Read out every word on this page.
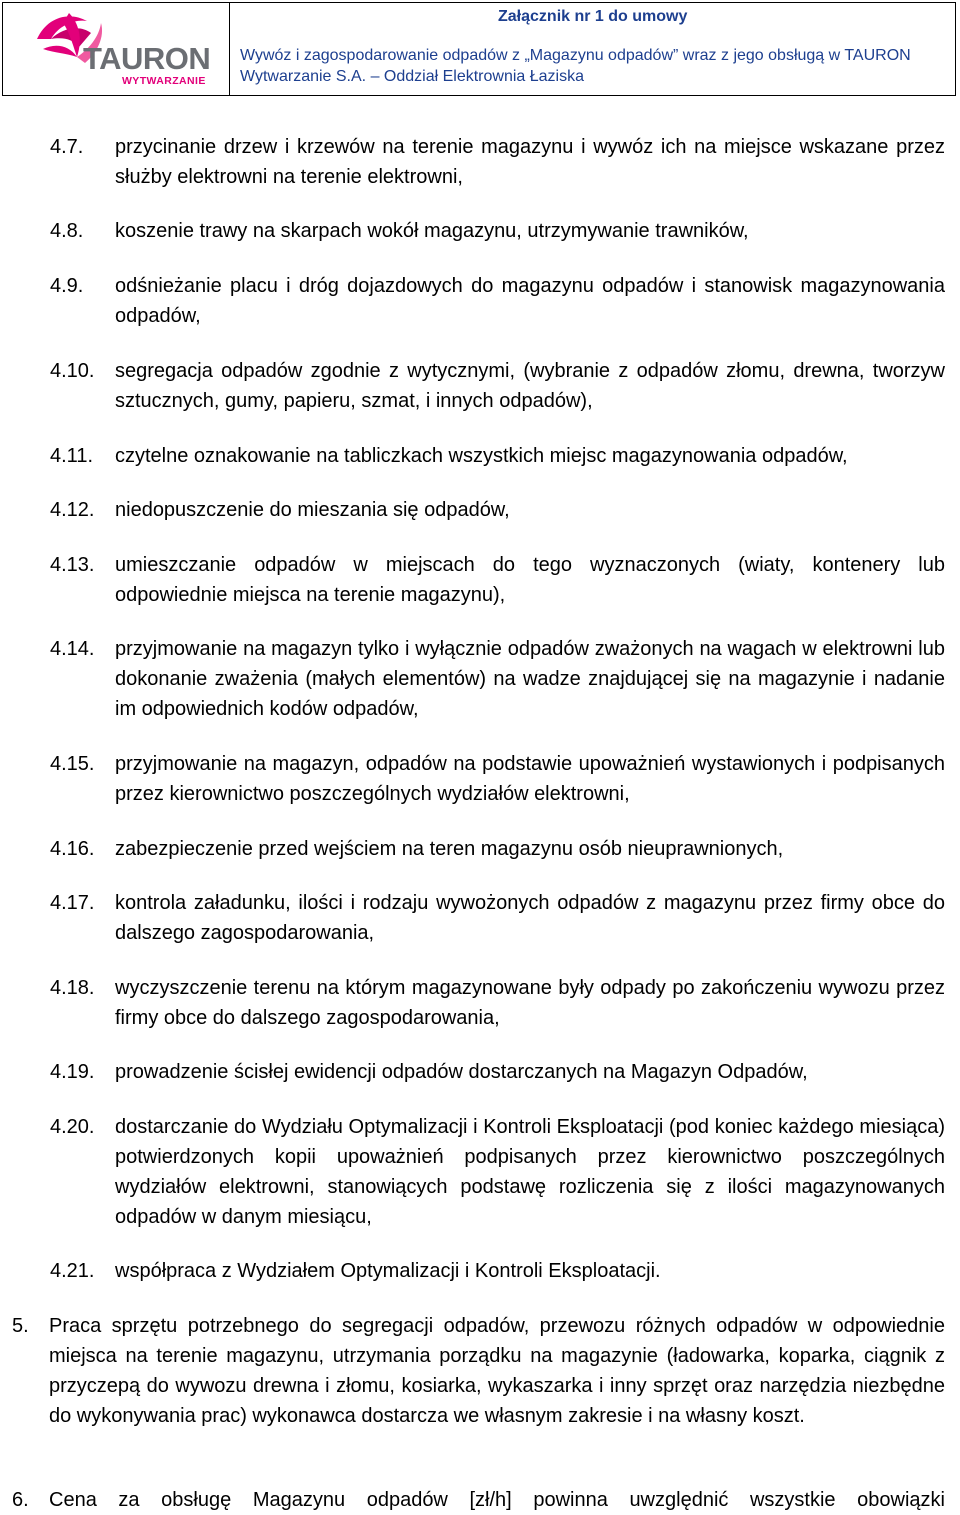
TAURON
WYTWARZANIE
Załącznik nr 1 do umowy
Wywóz i zagospodarowanie odpadów z „Magazynu odpadów” wraz z jego obsługą w TAURON Wytwarzanie S.A. – Oddział Elektrownia Łaziska
4.7. przycinanie drzew i krzewów na terenie magazynu i wywóz ich na miejsce wskazane przez służby elektrowni na terenie elektrowni,
4.8. koszenie trawy na skarpach wokół magazynu, utrzymywanie trawników,
4.9. odśnieżanie placu i dróg dojazdowych do magazynu odpadów i stanowisk magazynowania odpadów,
4.10. segregacja odpadów zgodnie z wytycznymi, (wybranie z odpadów złomu, drewna, tworzyw sztucznych, gumy, papieru, szmat, i innych odpadów),
4.11. czytelne oznakowanie na tabliczkach wszystkich miejsc magazynowania odpadów,
4.12. niedopuszczenie do mieszania się odpadów,
4.13. umieszczanie odpadów w miejscach do tego wyznaczonych (wiaty, kontenery lub odpowiednie miejsca na terenie magazynu),
4.14. przyjmowanie na magazyn tylko i wyłącznie odpadów zważonych na wagach w elektrowni lub dokonanie zważenia (małych elementów) na wadze znajdującej się na magazynie i nadanie im odpowiednich kodów odpadów,
4.15. przyjmowanie na magazyn, odpadów na podstawie upoważnień wystawionych i podpisanych przez kierownictwo poszczególnych wydziałów elektrowni,
4.16. zabezpieczenie przed wejściem na teren magazynu osób nieuprawnionych,
4.17. kontrola załadunku, ilości i rodzaju wywożonych odpadów z magazynu przez firmy obce do dalszego zagospodarowania,
4.18. wyczyszczenie terenu na którym magazynowane były odpady po zakończeniu wywozu przez firmy obce do dalszego zagospodarowania,
4.19. prowadzenie ścisłej ewidencji odpadów dostarczanych na Magazyn Odpadów,
4.20. dostarczanie do Wydziału Optymalizacji i Kontroli Eksploatacji (pod koniec każdego miesiąca) potwierdzonych kopii upoważnień podpisanych przez kierownictwo poszczególnych wydziałów elektrowni, stanowiących podstawę rozliczenia się z ilości magazynowanych odpadów w danym miesiącu,
4.21. współpraca z Wydziałem Optymalizacji i Kontroli Eksploatacji.
5. Praca sprzętu potrzebnego do segregacji odpadów, przewozu różnych odpadów w odpowiednie miejsca na terenie magazynu, utrzymania porządku na magazynie (ładowarka, koparka, ciągnik z przyczepą do wywozu drewna i złomu, kosiarka, wykaszarka i inny sprzęt oraz narzędzia niezbędne do wykonywania prac) wykonawca dostarcza we własnym zakresie i na własny koszt.
6. Cena za obsługę Magazynu odpadów [zł/h] powinna uwzględnić wszystkie obowiązki
